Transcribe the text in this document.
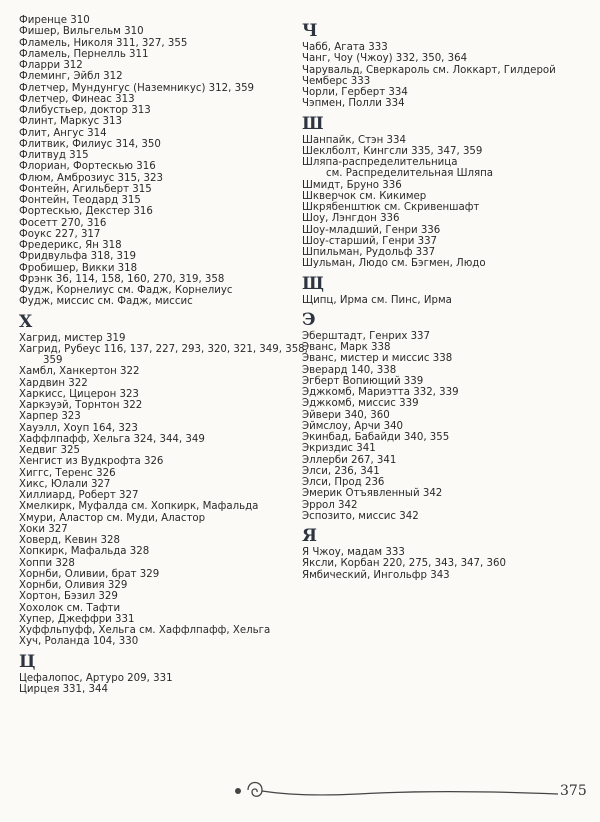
Фиренце 310
Фишер, Вильгельм 310
Фламель, Николя 311, 327, 355
Фламель, Пернелль 311
Фларри 312
Флеминг, Эйбл 312
Флетчер, Мундунгус (Наземникус) 312, 359
Флетчер, Финеас 313
Флибустьер, доктор 313
Флинт, Маркус 313
Флит, Ангус 314
Флитвик, Филиус 314, 350
Флитвуд 315
Флориан, Фортескью 316
Флюм, Амброзиус 315, 323
Фонтейн, Агильберт 315
Фонтейн, Теодард 315
Фортескью, Декстер 316
Фосетт 270, 316
Фоукс 227, 317
Фредерикс, Ян 318
Фридвульфа 318, 319
Фробишер, Викки 318
Фрэнк 36, 114, 158, 160, 270, 319, 358
Фудж, Корнелиус см. Фадж, Корнелиус
Фудж, миссис см. Фадж, миссис
Х
Хагрид, мистер 319
Хагрид, Рубеус 116, 137, 227, 293, 320, 321, 349, 358,
359
Хамбл, Ханкертон 322
Хардвин 322
Харкисс, Цицерон 323
Харкэуэй, Торнтон 322
Харпер 323
Хауэлл, Хоуп 164, 323
Хаффлпафф, Хельга 324, 344, 349
Хедвиг 325
Хенгист из Вудкрофта 326
Хиггс, Теренс 326
Хикс, Юлали 327
Хиллиард, Роберт 327
Хмелкирк, Муфалда см. Хопкирк, Мафальда
Хмури, Аластор см. Муди, Аластор
Хоки 327
Ховерд, Кевин 328
Хопкирк, Мафальда 328
Хоппи 328
Хорнби, Оливии, брат 329
Хорнби, Оливия 329
Хортон, Бэзил 329
Хохолок см. Тафти
Хупер, Джеффри 331
Хуффльпуфф, Хельга см. Хаффлпафф, Хельга
Хуч, Роланда 104, 330
Ц
Цефалопос, Артуро 209, 331
Цирцея 331, 344
Ч
Чабб, Агата 333
Чанг, Чоу (Чжоу) 332, 350, 364
Чарувальд, Сверкароль см. Локкарт, Гилдерой
Чемберс 333
Чорли, Герберт 334
Чэпмен, Полли 334
Ш
Шанпайк, Стэн 334
Шеклболт, Кингсли 335, 347, 359
Шляпа-распределительница
см. Распределительная Шляпа
Шмидт, Бруно 336
Шкверчок см. Кикимер
Шкрябенштюк см. Скривеншафт
Шоу, Лэнгдон 336
Шоу-младший, Генри 336
Шоу-старший, Генри 337
Шпильман, Рудольф 337
Шульман, Людо см. Бэгмен, Людо
Щ
Щипц, Ирма см. Пинс, Ирма
Э
Эберштадт, Генрих 337
Эванс, Марк 338
Эванс, мистер и миссис 338
Эверард 140, 338
Эгберт Вопиющий 339
Эджкомб, Мариэтта 332, 339
Эджкомб, миссис 339
Эйвери 340, 360
Эймслоу, Арчи 340
Экинбад, Бабайди 340, 355
Экриздис 341
Эллерби 267, 341
Элси, 236, 341
Элси, Прод 236
Эмерик Отъявленный 342
Эррол 342
Эспозито, миссис 342
Я
Я Чжоу, мадам 333
Яксли, Корбан 220, 275, 343, 347, 360
Ямбический, Ингольфр 343
375
